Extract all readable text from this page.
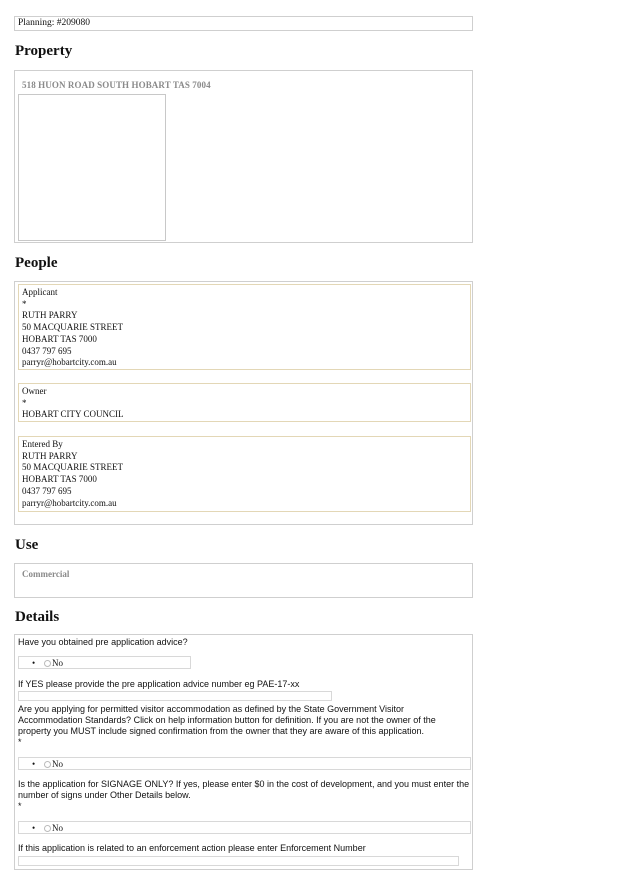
Planning: #209080
Property
518 HUON ROAD SOUTH HOBART TAS 7004
People
Applicant
*
RUTH PARRY
50 MACQUARIE STREET
HOBART TAS 7000
0437 797 695
parryr@hobartcity.com.au
Owner
*
HOBART CITY COUNCIL
Entered By
RUTH PARRY
50 MACQUARIE STREET
HOBART TAS 7000
0437 797 695
parryr@hobartcity.com.au
Use
Commercial
Details
Have you obtained pre application advice?
• No
If YES please provide the pre application advice number eg PAE-17-xx
Are you applying for permitted visitor accommodation as defined by the State Government Visitor
Accommodation Standards? Click on help information button for definition. If you are not the owner of the
property you MUST include signed confirmation from the owner that they are aware of this application.
*
• No
Is the application for SIGNAGE ONLY? If yes, please enter $0 in the cost of development, and you must enter the
number of signs under Other Details below.
*
• No
If this application is related to an enforcement action please enter Enforcement Number
